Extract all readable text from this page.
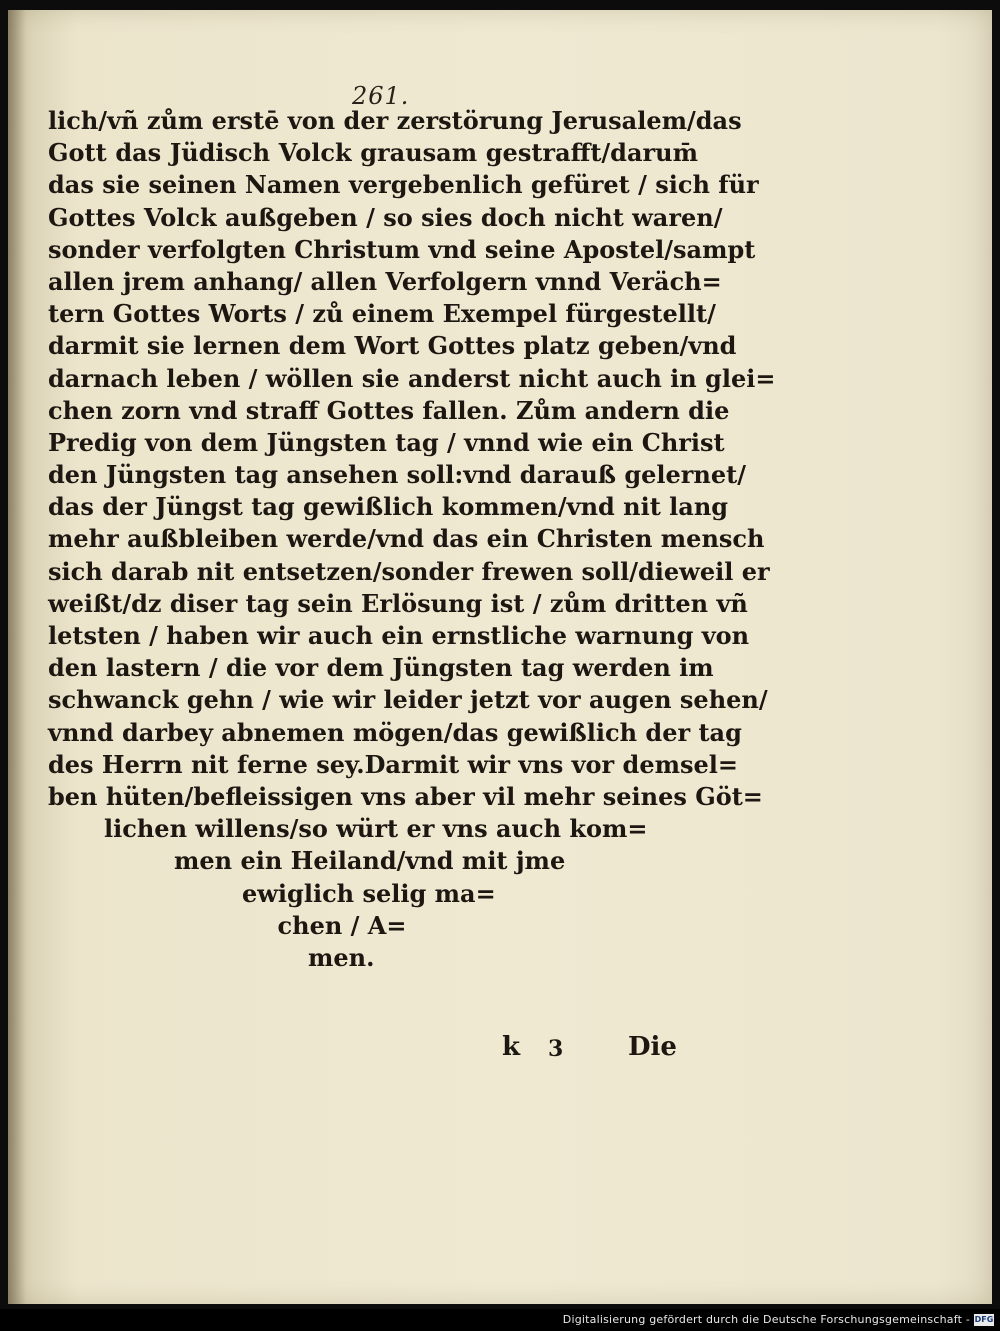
261.
lich/vñ zům erstē von der zerstörung Jerusalem/das
Gott das Jüdisch Volck grausam gestrafft/darum̄
das sie seinen Namen vergebenlich gefüret / sich für
Gottes Volck außgeben / so sies doch nicht waren/
sonder verfolgten Christum vnd seine Apostel/sampt
allen jrem anhang/ allen Verfolgern vnnd Veräch=
tern Gottes Worts / zů einem Exempel fürgestellt/
darmit sie lernen dem Wort Gottes platz geben/vnd
darnach leben / wöllen sie anderst nicht auch in glei=
chen zorn vnd straff Gottes fallen. Zům andern die
Predig von dem Jüngsten tag / vnnd wie ein Christ
den Jüngsten tag ansehen soll:vnd darauß gelernet/
das der Jüngst tag gewißlich kommen/vnd nit lang
mehr außbleiben werde/vnd das ein Christen mensch
sich darab nit entsetzen/sonder frewen soll/dieweil er
weißt/dz diser tag sein Erlösung ist / zům dritten vñ
letsten / haben wir auch ein ernstliche warnung von
den lastern / die vor dem Jüngsten tag werden im
schwanck gehn / wie wir leider jetzt vor augen sehen/
vnnd darbey abnemen mögen/das gewißlich der tag
des Herrn nit ferne sey.Darmit wir vns vor demsel=
ben hüten/befleissigen vns aber vil mehr seines Göt=
lichen willens/so würt er vns auch kom=
men ein Heiland/vnd mit jme
ewiglich selig ma=
chen / A=
men.
k 3 Die
Digitalisierung gefördert durch die Deutsche Forschungsgemeinschaft - DFG
